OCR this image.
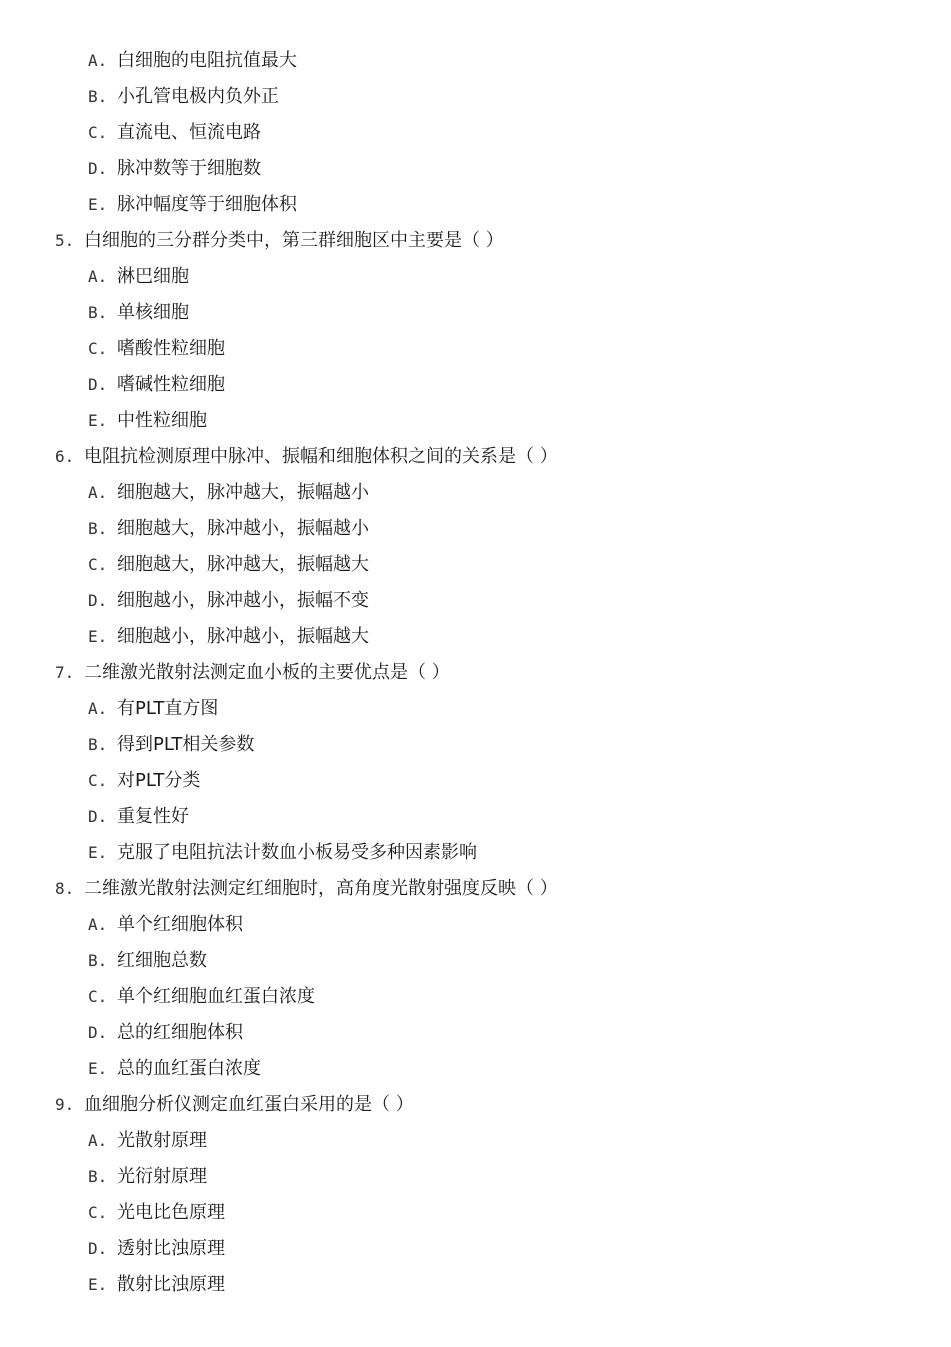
A. 白细胞的电阻抗值最大
B. 小孔管电极内负外正
C. 直流电、恒流电路
D. 脉冲数等于细胞数
E. 脉冲幅度等于细胞体积
5. 白细胞的三分群分类中，第三群细胞区中主要是（ ）
A. 淋巴细胞
B. 单核细胞
C. 嗜酸性粒细胞
D. 嗜碱性粒细胞
E. 中性粒细胞
6. 电阻抗检测原理中脉冲、振幅和细胞体积之间的关系是（ ）
A. 细胞越大，脉冲越大，振幅越小
B. 细胞越大，脉冲越小，振幅越小
C. 细胞越大，脉冲越大，振幅越大
D. 细胞越小，脉冲越小，振幅不变
E. 细胞越小，脉冲越小，振幅越大
7. 二维激光散射法测定血小板的主要优点是（ ）
A. 有PLT直方图
B. 得到PLT相关参数
C. 对PLT分类
D. 重复性好
E. 克服了电阻抗法计数血小板易受多种因素影响
8. 二维激光散射法测定红细胞时，高角度光散射强度反映（ ）
A. 单个红细胞体积
B. 红细胞总数
C. 单个红细胞血红蛋白浓度
D. 总的红细胞体积
E. 总的血红蛋白浓度
9. 血细胞分析仪测定血红蛋白采用的是（ ）
A. 光散射原理
B. 光衍射原理
C. 光电比色原理
D. 透射比浊原理
E. 散射比浊原理
